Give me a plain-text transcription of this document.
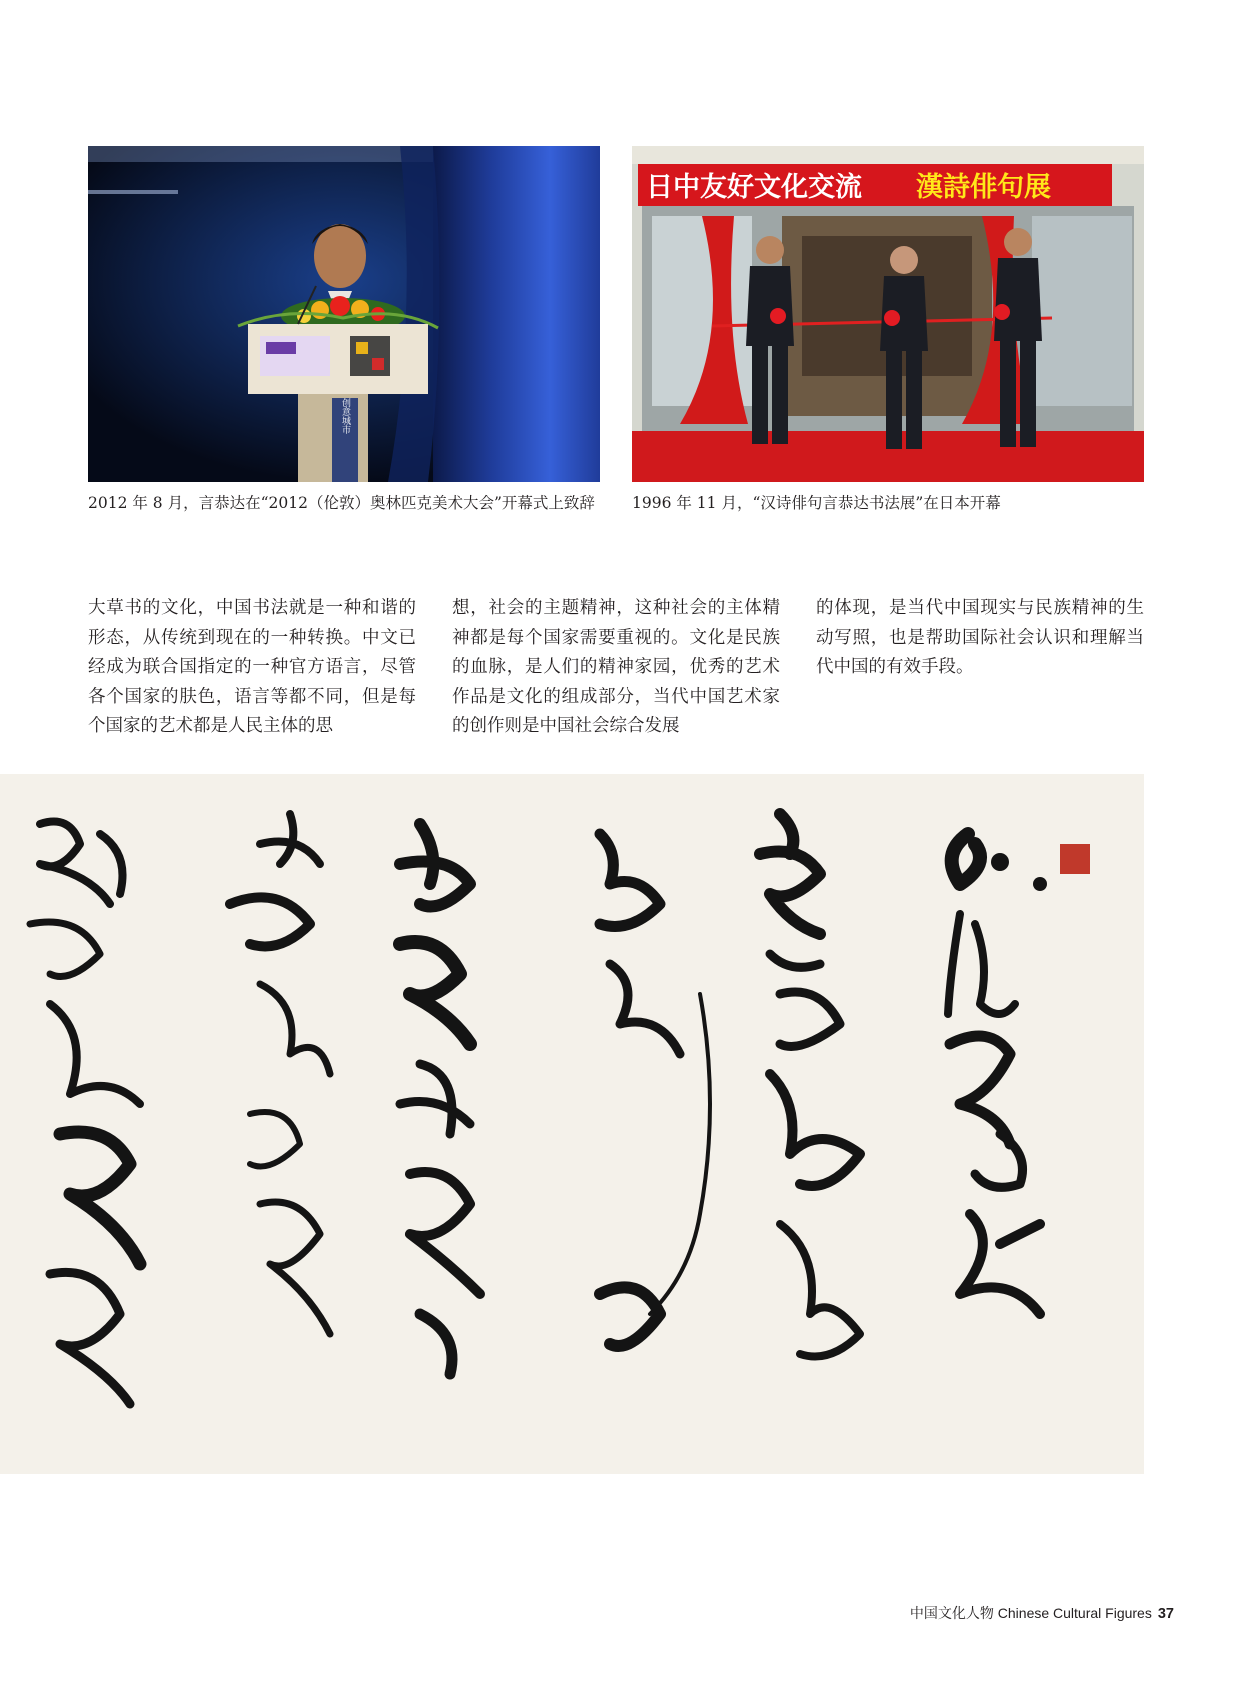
创意城市
日中友好文化交流 漢詩俳句展
2012 年 8 月，言恭达在“2012（伦敦）奥林匹克美术大会”开幕式上致辞	1996 年 11 月，“汉诗俳句言恭达书法展”在日本开幕
大草书的文化，中国书法就是一种和谐的形态，从传统到现在的一种转换。中文已经成为联合国指定的一种官方语言，尽管各个国家的肤色，语言等都不同，但是每个国家的艺术都是人民主体的思
想，社会的主题精神，这种社会的主体精神都是每个国家需要重视的。文化是民族的血脉，是人们的精神家园，优秀的艺术作品是文化的组成部分，当代中国艺术家的创作则是中国社会综合发展
的体现，是当代中国现实与民族精神的生动写照，也是帮助国际社会认识和理解当代中国的有效手段。
中国文化人物 Chinese Cultural Figures 37
